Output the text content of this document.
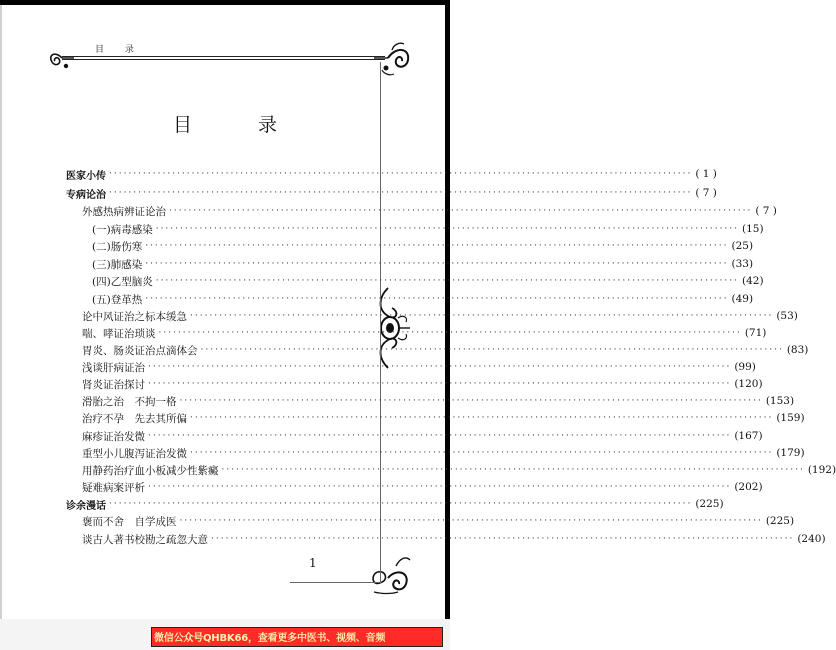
目 录
目 录
医家小传 ························································································································ ( 1 )
专病论治 ························································································································ ( 7 )
外感热病辨证论治 ························································································································ ( 7 )
(一)病毒感染 ························································································································ (15)
(二)肠伤寒 ························································································································ (25)
(三)肺感染 ························································································································ (33)
(四)乙型脑炎 ························································································································ (42)
(五)登革热 ························································································································ (49)
论中风证治之标本缓急 ························································································································ (53)
喘、哮证治琐谈 ························································································································ (71)
胃炎、肠炎证治点滴体会 ························································································································ (83)
浅谈肝病证治 ························································································································ (99)
肾炎证治探讨 ························································································································ (120)
滑胎之治　不拘一格 ························································································································ (153)
治疗不孕　先去其所偏 ························································································································ (159)
麻疹证治发微 ························································································································ (167)
重型小儿腹泻证治发微 ························································································································ (179)
用静药治疗血小板减少性紫癜 ························································································································ (192)
疑难病案评析 ························································································································ (202)
诊余漫话 ························································································································ (225)
褒而不舍　自学成医 ························································································································ (225)
谈古人著书校勘之疏忽大意 ························································································································ (240)
1
微信公众号QHBK66，查看更多中医书、视频、音频
